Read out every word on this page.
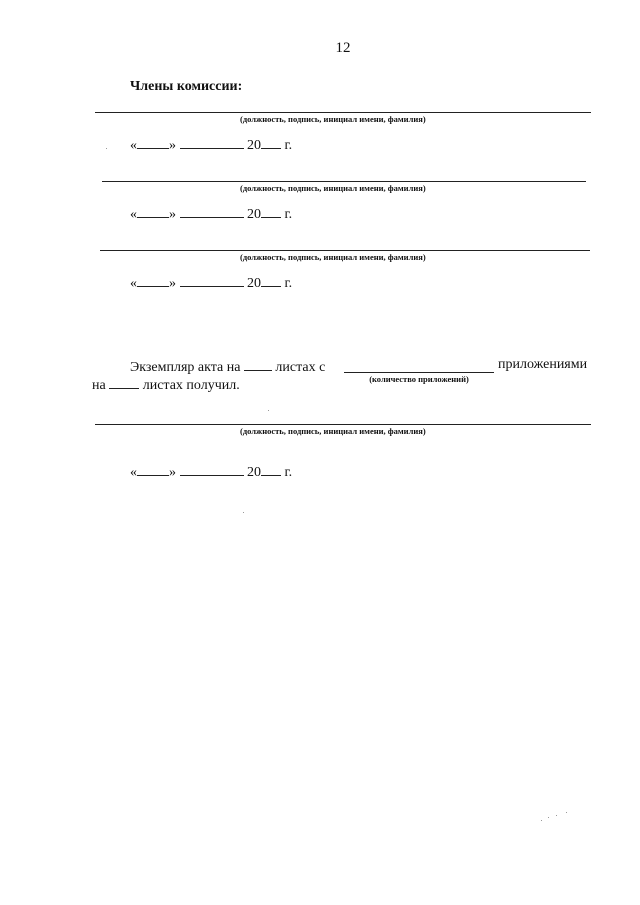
12
Члены комиссии:
(должность, подпись, инициал имени, фамилия)
« »	20 г.
(должность, подпись, инициал имени, фамилия)
« »	20 г.
(должность, подпись, инициал имени, фамилия)
« »	20 г.
Экземпляр акта на	листах с
(количество приложений)
приложениями
на	листах получил.
(должность, подпись, инициал имени, фамилия)
« »	20 г.
